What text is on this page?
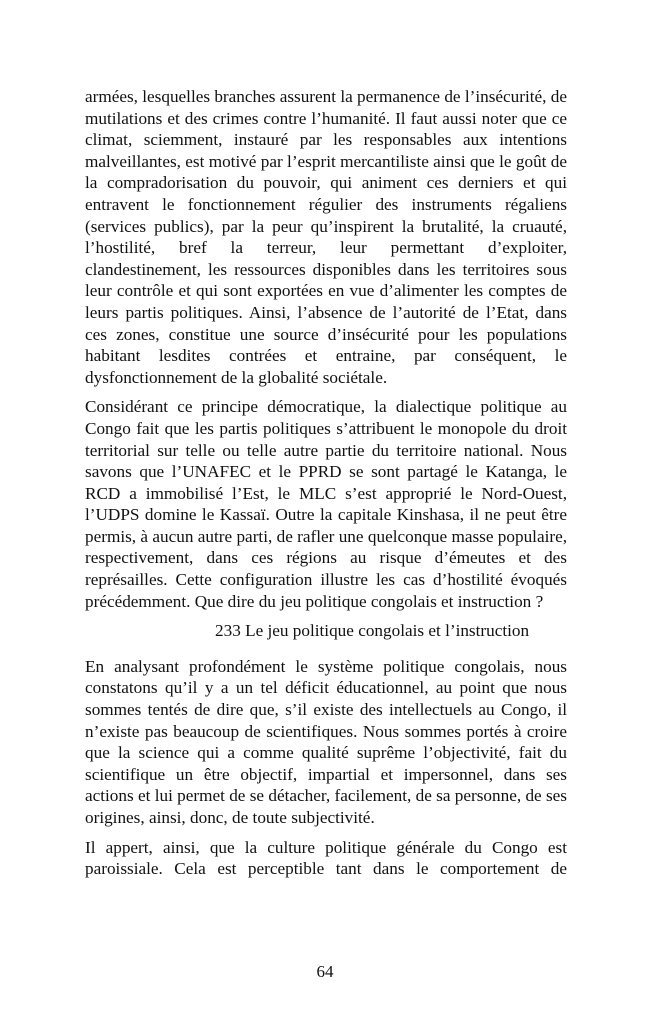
armées, lesquelles branches assurent la permanence de l’insécurité, de mutilations et des crimes contre l’humanité. Il faut aussi noter que ce climat, sciemment, instauré par les responsables aux intentions malveillantes, est motivé par l’esprit mercantiliste ainsi que le goût de la compradorisation du pouvoir, qui animent ces derniers et qui entravent le fonctionnement régulier des instruments régaliens (services publics), par la peur qu’inspirent la brutalité, la cruauté, l’hostilité, bref la terreur, leur permettant d’exploiter, clandestinement, les ressources disponibles dans les territoires sous leur contrôle et qui sont exportées en vue d’alimenter les comptes de leurs partis politiques. Ainsi, l’absence de l’autorité de l’Etat, dans ces zones, constitue une source d’insécurité pour les populations habitant lesdites contrées et entraine, par conséquent, le dysfonctionnement de la globalité sociétale.

Considérant ce principe démocratique, la dialectique politique au Congo fait que les partis politiques s’attribuent le monopole du droit territorial sur telle ou telle autre partie du territoire national. Nous savons que l’UNAFEC et le PPRD se sont partagé le Katanga, le RCD a immobilisé l’Est, le MLC s’est approprié le Nord-Ouest, l’UDPS domine le Kassaï. Outre la capitale Kinshasa, il ne peut être permis, à aucun autre parti, de rafler une quelconque masse populaire, respectivement, dans ces régions au risque d’émeutes et des représailles. Cette configuration illustre les cas d’hostilité évoqués précédemment. Que dire du jeu politique congolais et instruction ?

233 Le jeu politique congolais et l’instruction

En analysant profondément le système politique congolais, nous constatons qu’il y a un tel déficit éducationnel, au point que nous sommes tentés de dire que, s’il existe des intellectuels au Congo, il n’existe pas beaucoup de scientifiques. Nous sommes portés à croire que la science qui a comme qualité suprême l’objectivité, fait du scientifique un être objectif, impartial et impersonnel, dans ses actions et lui permet de se détacher, facilement, de sa personne, de ses origines, ainsi, donc, de toute subjectivité.

Il appert, ainsi, que la culture politique générale du Congo est paroissiale. Cela est perceptible tant dans le comportement de

64
